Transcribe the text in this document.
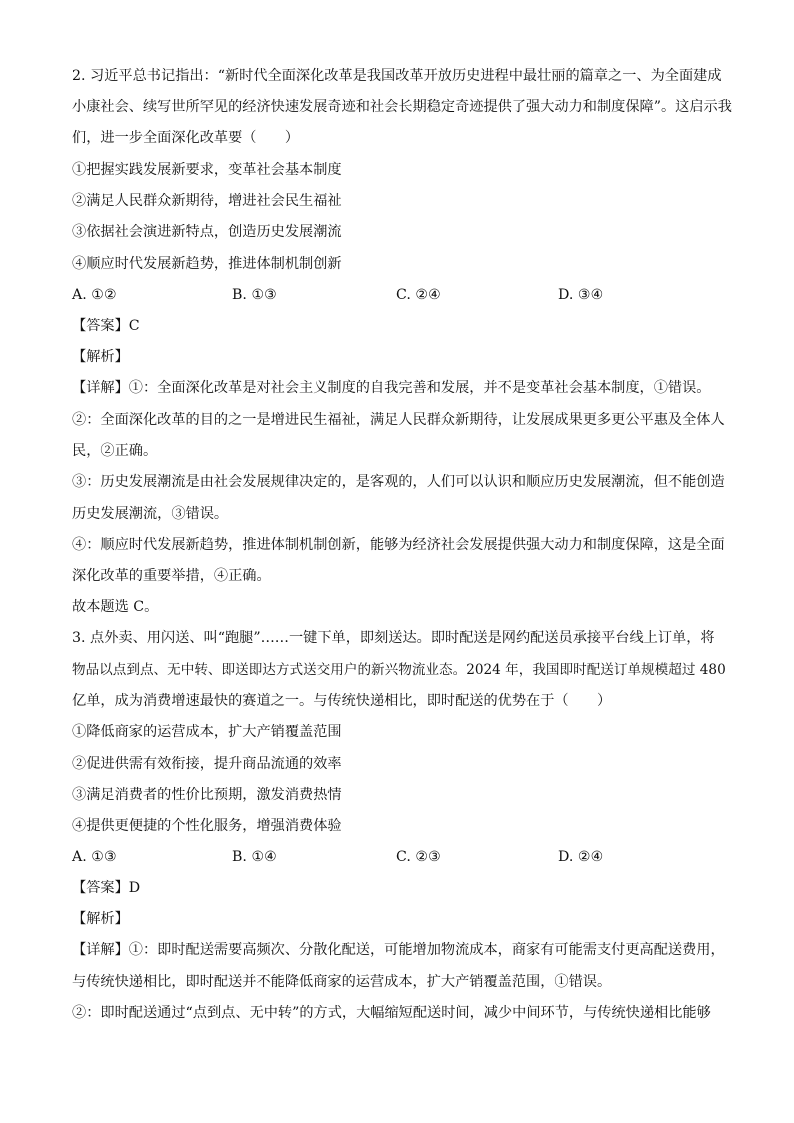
2. 习近平总书记指出：“新时代全面深化改革是我国改革开放历史进程中最壮丽的篇章之一、为全面建成
小康社会、续写世所罕见的经济快速发展奇迹和社会长期稳定奇迹提供了强大动力和制度保障”。这启示我
们，进一步全面深化改革要（　　）
①把握实践发展新要求，变革社会基本制度
②满足人民群众新期待，增进社会民生福祉
③依据社会演进新特点，创造历史发展潮流
④顺应时代发展新趋势，推进体制机制创新
A. ①②	B. ①③	C. ②④	D. ③④
【答案】C
【解析】
【详解】①：全面深化改革是对社会主义制度的自我完善和发展，并不是变革社会基本制度，①错误。
②：全面深化改革的目的之一是增进民生福祉，满足人民群众新期待，让发展成果更多更公平惠及全体人
民，②正确。
③：历史发展潮流是由社会发展规律决定的，是客观的，人们可以认识和顺应历史发展潮流，但不能创造
历史发展潮流，③错误。
④：顺应时代发展新趋势，推进体制机制创新，能够为经济社会发展提供强大动力和制度保障，这是全面
深化改革的重要举措，④正确。
故本题选 C。
3. 点外卖、用闪送、叫“跑腿”……一键下单，即刻送达。即时配送是网约配送员承接平台线上订单，将
物品以点到点、无中转、即送即达方式送交用户的新兴物流业态。2024 年，我国即时配送订单规模超过 480
亿单，成为消费增速最快的赛道之一。与传统快递相比，即时配送的优势在于（　　）
①降低商家的运营成本，扩大产销覆盖范围
②促进供需有效衔接，提升商品流通的效率
③满足消费者的性价比预期，激发消费热情
④提供更便捷的个性化服务，增强消费体验
A. ①③	B. ①④	C. ②③	D. ②④
【答案】D
【解析】
【详解】①：即时配送需要高频次、分散化配送，可能增加物流成本，商家有可能需支付更高配送费用，
与传统快递相比，即时配送并不能降低商家的运营成本，扩大产销覆盖范围，①错误。
②：即时配送通过“点到点、无中转”的方式，大幅缩短配送时间，减少中间环节，与传统快递相比能够
